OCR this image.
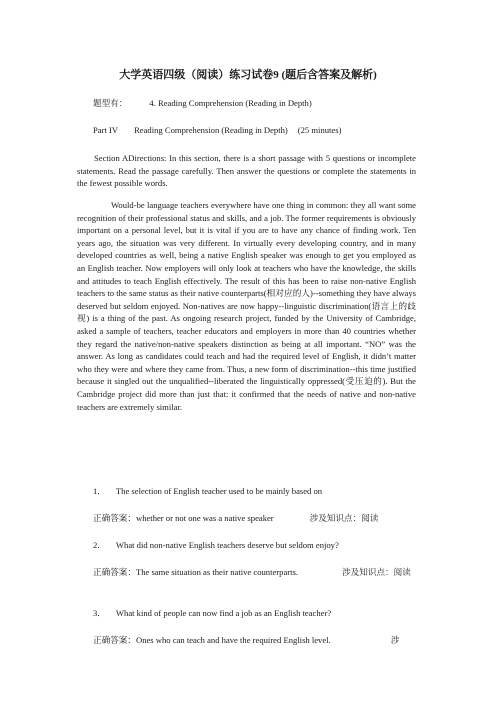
大学英语四级（阅读）练习试卷9 (题后含答案及解析)
题型有：	4. Reading Comprehension (Reading in Depth)
Part IV Reading Comprehension (Reading in Depth) (25 minutes)
Section ADirections: In this section, there is a short passage with 5 questions or incomplete statements. Read the passage carefully. Then answer the questions or complete the statements in the fewest possible words.
Would-be language teachers everywhere have one thing in common: they all want some recognition of their professional status and skills, and a job. The former requirements is obviously important on a personal level, but it is vital if you are to have any chance of finding work. Ten years ago, the situation was very different. In virtually every developing country, and in many developed countries as well, being a native English speaker was enough to get you employed as an English teacher. Now employers will only look at teachers who have the knowledge, the skills and attitudes to teach English effectively. The result of this has been to raise non-native English teachers to the same status as their native counterparts(相对应的人)--something they have always deserved but seldom enjoyed. Non-natives are now happy--linguistic discrimination(语言上的歧视) is a thing of the past. As ongoing research project, funded by the University of Cambridge, asked a sample of teachers, teacher educators and employers in more than 40 countries whether they regard the native/non-native speakers distinction as being at all important. “NO” was the answer. As long as candidates could teach and had the required level of English, it didn’t matter who they were and where they came from. Thus, a new form of discrimination--this time justified because it singled out the unqualified--liberated the linguistically oppressed(受压迫的). But the Cambridge project did more than just that: it confirmed that the needs of native and non-native teachers are extremely similar.
1． The selection of English teacher used to be mainly based on
正确答案：whether or not one was a native speaker	涉及知识点：阅读
2． What did non-native English teachers deserve but seldom enjoy?
正确答案：The same situation as their native counterparts.	涉及知识点：阅读
3． What kind of people can now find a job as an English teacher?
正确答案：Ones who can teach and have the required English level.	涉
